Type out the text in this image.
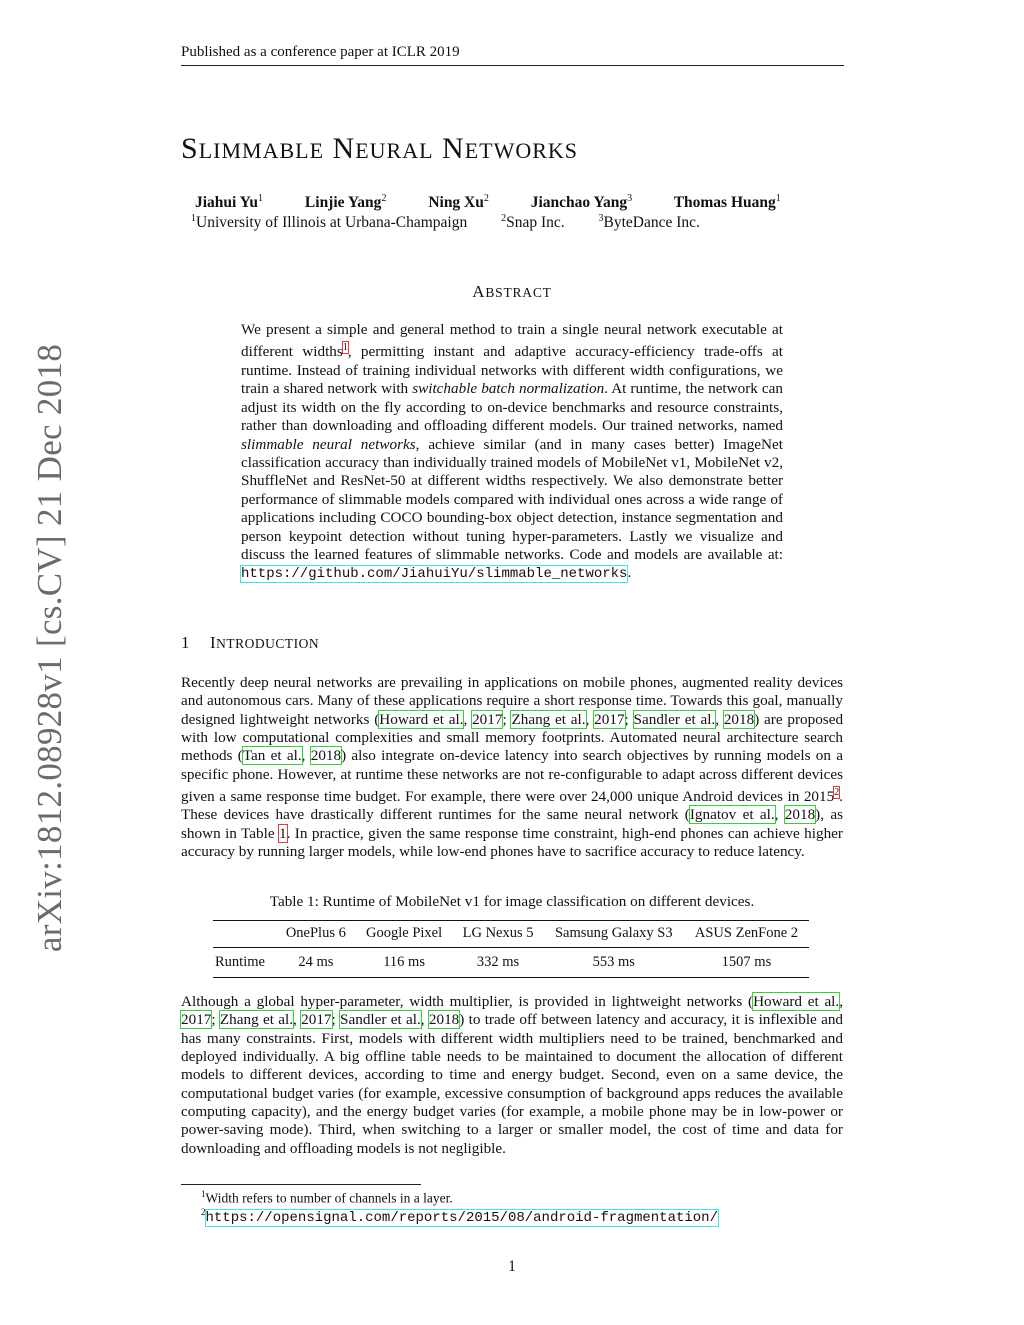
Published as a conference paper at ICLR 2019
arXiv:1812.08928v1 [cs.CV] 21 Dec 2018
SLIMMABLE NEURAL NETWORKS
Jiahui Yu$^1$	Linjie Yang$^2$	Ning Xu$^2$	Jianchao Yang$^3$	Thomas Huang$^1$
$^1$University of Illinois at Urbana-Champaign	$^2$Snap Inc.	$^3$ByteDance Inc.
ABSTRACT
We present a simple and general method to train a single neural network executable at different widths$^1$, permitting instant and adaptive accuracy-efficiency trade-offs at runtime. Instead of training individual networks with different width configurations, we train a shared network with switchable batch normalization. At runtime, the network can adjust its width on the fly according to on-device benchmarks and resource constraints, rather than downloading and offloading different models. Our trained networks, named slimmable neural networks, achieve similar (and in many cases better) ImageNet classification accuracy than individually trained models of MobileNet v1, MobileNet v2, ShuffleNet and ResNet-50 at different widths respectively. We also demonstrate better performance of slimmable models compared with individual ones across a wide range of applications including COCO bounding-box object detection, instance segmentation and person keypoint detection without tuning hyper-parameters. Lastly we visualize and discuss the learned features of slimmable networks. Code and models are available at: https://github.com/JiahuiYu/slimmable_networks.
1 INTRODUCTION
Recently deep neural networks are prevailing in applications on mobile phones, augmented reality devices and autonomous cars. Many of these applications require a short response time. Towards this goal, manually designed lightweight networks (Howard et al., 2017; Zhang et al., 2017; Sandler et al., 2018) are proposed with low computational complexities and small memory footprints. Automated neural architecture search methods (Tan et al., 2018) also integrate on-device latency into search objectives by running models on a specific phone. However, at runtime these networks are not re-configurable to adapt across different devices given a same response time budget. For example, there were over 24,000 unique Android devices in 2015$^2$. These devices have drastically different runtimes for the same neural network (Ignatov et al., 2018), as shown in Table 1. In practice, given the same response time constraint, high-end phones can achieve higher accuracy by running larger models, while low-end phones have to sacrifice accuracy to reduce latency.
Table 1: Runtime of MobileNet v1 for image classification on different devices.
	OnePlus 6	Google Pixel	LG Nexus 5	Samsung Galaxy S3	ASUS ZenFone 2
Runtime	24 ms	116 ms	332 ms	553 ms	1507 ms
Although a global hyper-parameter, width multiplier, is provided in lightweight networks (Howard et al., 2017; Zhang et al., 2017; Sandler et al., 2018) to trade off between latency and accuracy, it is inflexible and has many constraints. First, models with different width multipliers need to be trained, benchmarked and deployed individually. A big offline table needs to be maintained to document the allocation of different models to different devices, according to time and energy budget. Second, even on a same device, the computational budget varies (for example, excessive consumption of background apps reduces the available computing capacity), and the energy budget varies (for example, a mobile phone may be in low-power or power-saving mode). Third, when switching to a larger or smaller model, the cost of time and data for downloading and offloading models is not negligible.
$^1$Width refers to number of channels in a layer.
$^2$https://opensignal.com/reports/2015/08/android-fragmentation/
1
